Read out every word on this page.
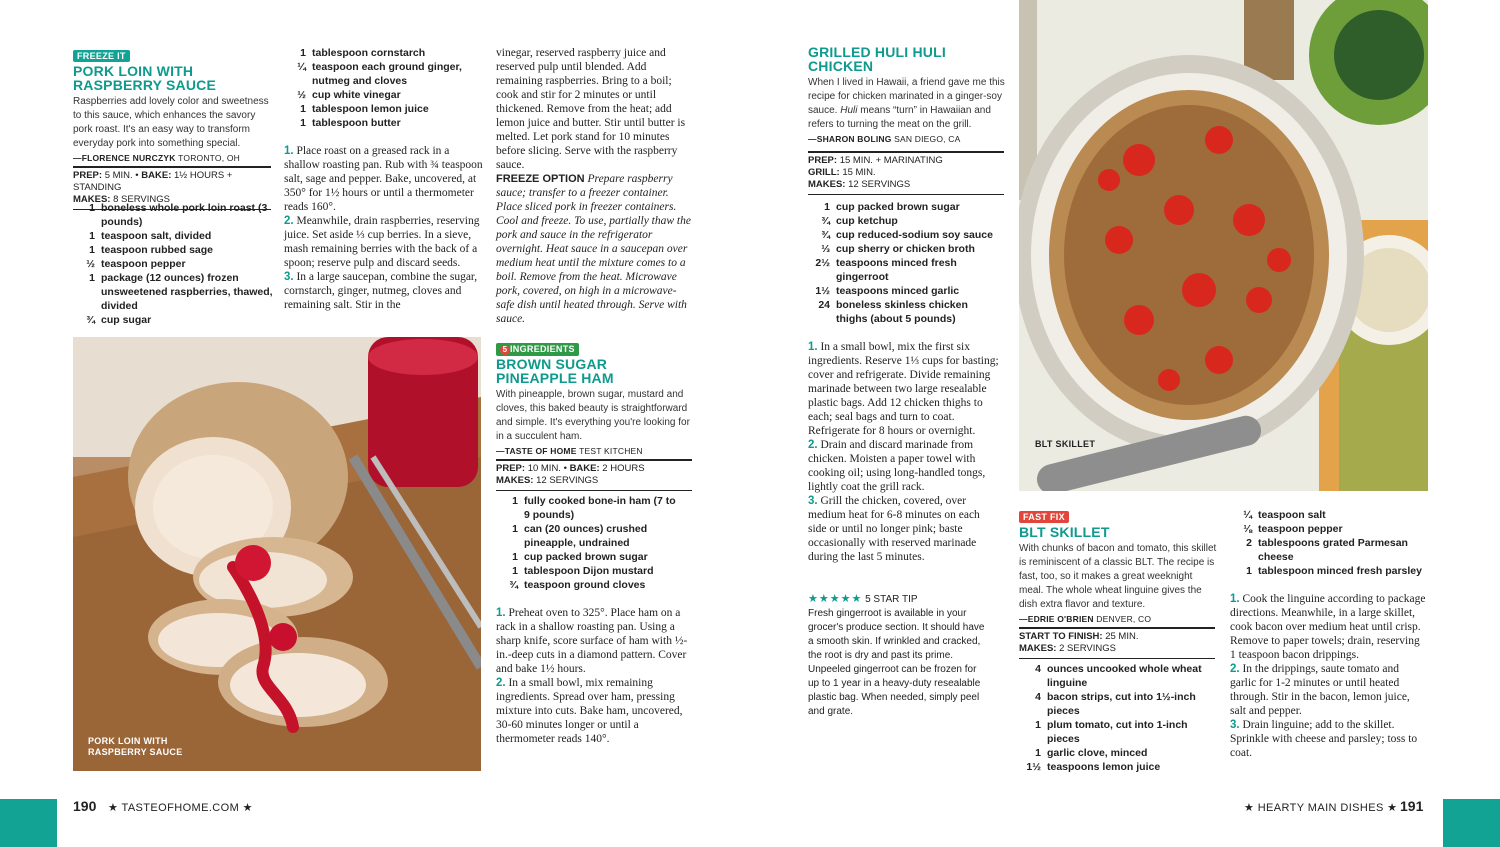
FREEZE IT
PORK LOIN WITH
RASPBERRY SAUCE
Raspberries add lovely color and sweetness to this sauce, which enhances the savory pork roast. It's an easy way to transform everyday pork into something special.
—FLORENCE NURCZYK TORONTO, OH
PREP: 5 MIN. • BAKE: 1½ HOURS + STANDING
MAKES: 8 SERVINGS
1 boneless whole pork loin roast (3 pounds)
1 teaspoon salt, divided
1 teaspoon rubbed sage
½ teaspoon pepper
1 package (12 ounces) frozen unsweetened raspberries, thawed, divided
¾ cup sugar
1 tablespoon cornstarch
¼ teaspoon each ground ginger, nutmeg and cloves
½ cup white vinegar
1 tablespoon lemon juice
1 tablespoon butter
1. Place roast on a greased rack in a shallow roasting pan. Rub with ¾ teaspoon salt, sage and pepper. Bake, uncovered, at 350° for 1½ hours or until a thermometer reads 160°.
2. Meanwhile, drain raspberries, reserving juice. Set aside ⅓ cup berries. In a sieve, mash remaining berries with the back of a spoon; reserve pulp and discard seeds.
3. In a large saucepan, combine the sugar, cornstarch, ginger, nutmeg, cloves and remaining salt. Stir in the
vinegar, reserved raspberry juice and reserved pulp until blended. Add remaining raspberries. Bring to a boil; cook and stir for 2 minutes or until thickened. Remove from the heat; add lemon juice and butter. Stir until butter is melted. Let pork stand for 10 minutes before slicing. Serve with the raspberry sauce.
FREEZE OPTION Prepare raspberry sauce; transfer to a freezer container. Place sliced pork in freezer containers. Cool and freeze. To use, partially thaw the pork and sauce in the refrigerator overnight. Heat sauce in a saucepan over medium heat until the mixture comes to a boil. Remove from the heat. Microwave pork, covered, on high in a microwave-safe dish until heated through. Serve with sauce.
PORK LOIN WITH
RASPBERRY SAUCE
5 INGREDIENTS
BROWN SUGAR
PINEAPPLE HAM
With pineapple, brown sugar, mustard and cloves, this baked beauty is straightforward and simple. It's everything you're looking for in a succulent ham.
—TASTE OF HOME TEST KITCHEN
PREP: 10 MIN. • BAKE: 2 HOURS
MAKES: 12 SERVINGS
1 fully cooked bone-in ham (7 to 9 pounds)
1 can (20 ounces) crushed pineapple, undrained
1 cup packed brown sugar
1 tablespoon Dijon mustard
¾ teaspoon ground cloves
1. Preheat oven to 325°. Place ham on a rack in a shallow roasting pan. Using a sharp knife, score surface of ham with ½-in.-deep cuts in a diamond pattern. Cover and bake 1½ hours.
2. In a small bowl, mix remaining ingredients. Spread over ham, pressing mixture into cuts. Bake ham, uncovered, 30-60 minutes longer or until a thermometer reads 140°.
190 ★ TASTEOFHOME.COM ★
GRILLED HULI HULI
CHICKEN
When I lived in Hawaii, a friend gave me this recipe for chicken marinated in a ginger-soy sauce. Huli means “turn” in Hawaiian and refers to turning the meat on the grill.
—SHARON BOLING SAN DIEGO, CA
PREP: 15 MIN. + MARINATING
GRILL: 15 MIN.
MAKES: 12 SERVINGS
1 cup packed brown sugar
¾ cup ketchup
¾ cup reduced-sodium soy sauce
⅓ cup sherry or chicken broth
2½ teaspoons minced fresh gingerroot
1½ teaspoons minced garlic
24 boneless skinless chicken thighs (about 5 pounds)
1. In a small bowl, mix the first six ingredients. Reserve 1⅓ cups for basting; cover and refrigerate. Divide remaining marinade between two large resealable plastic bags. Add 12 chicken thighs to each; seal bags and turn to coat. Refrigerate for 8 hours or overnight.
2. Drain and discard marinade from chicken. Moisten a paper towel with cooking oil; using long-handled tongs, lightly coat the grill rack.
3. Grill the chicken, covered, over medium heat for 6-8 minutes on each side or until no longer pink; baste occasionally with reserved marinade during the last 5 minutes.
★★★★★ 5 STAR TIP
Fresh gingerroot is available in your grocer's produce section. It should have a smooth skin. If wrinkled and cracked, the root is dry and past its prime. Unpeeled gingerroot can be frozen for up to 1 year in a heavy-duty resealable plastic bag. When needed, simply peel and grate.
BLT SKILLET
FAST FIX
BLT SKILLET
With chunks of bacon and tomato, this skillet is reminiscent of a classic BLT. The recipe is fast, too, so it makes a great weeknight meal. The whole wheat linguine gives the dish extra flavor and texture.
—EDRIE O'BRIEN DENVER, CO
START TO FINISH: 25 MIN.
MAKES: 2 SERVINGS
4 ounces uncooked whole wheat linguine
4 bacon strips, cut into 1½-inch pieces
1 plum tomato, cut into 1-inch pieces
1 garlic clove, minced
1½ teaspoons lemon juice
¼ teaspoon salt
⅛ teaspoon pepper
2 tablespoons grated Parmesan cheese
1 tablespoon minced fresh parsley
1. Cook the linguine according to package directions. Meanwhile, in a large skillet, cook bacon over medium heat until crisp. Remove to paper towels; drain, reserving 1 teaspoon bacon drippings.
2. In the drippings, saute tomato and garlic for 1-2 minutes or until heated through. Stir in the bacon, lemon juice, salt and pepper.
3. Drain linguine; add to the skillet. Sprinkle with cheese and parsley; toss to coat.
★ HEARTY MAIN DISHES ★ 191
